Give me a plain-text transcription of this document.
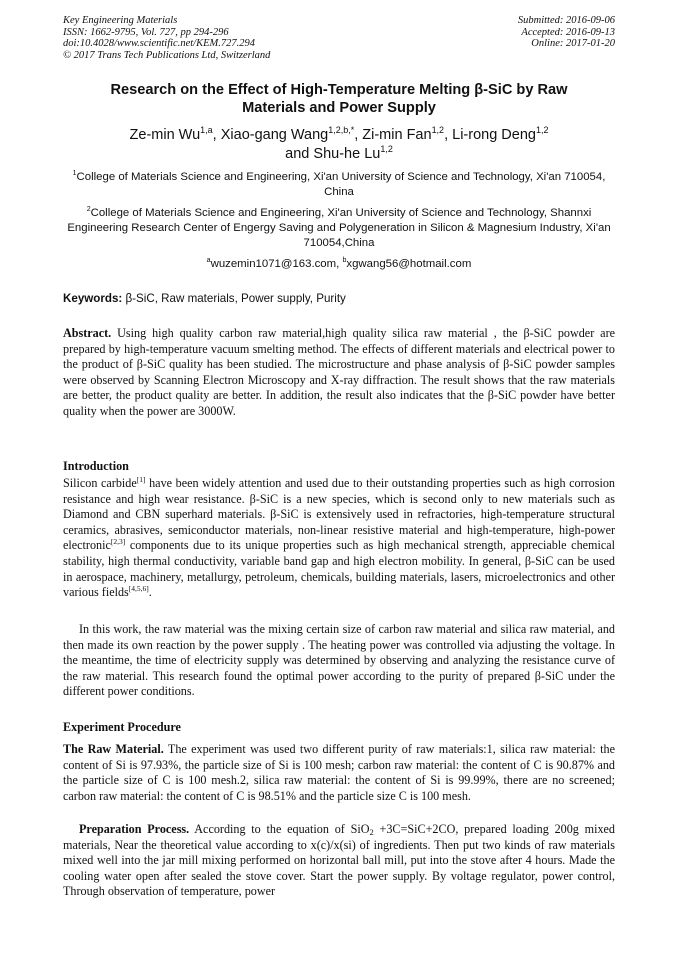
Key Engineering Materials
ISSN: 1662-9795, Vol. 727, pp 294-296
doi:10.4028/www.scientific.net/KEM.727.294
© 2017 Trans Tech Publications Ltd, Switzerland
Submitted: 2016-09-06
Accepted: 2016-09-13
Online: 2017-01-20
Research on the Effect of High-Temperature Melting β-SiC by Raw
Materials and Power Supply
Ze-min Wu$^{1,a}$, Xiao-gang Wang$^{1,2,b,*}$, Zi-min Fan$^{1,2}$, Li-rong Deng$^{1,2}$
and Shu-he Lu$^{1,2}$
$^1$College of Materials Science and Engineering, Xi'an University of Science and Technology, Xi'an 710054, China
$^2$College of Materials Science and Engineering, Xi'an University of Science and Technology, Shannxi Engineering Research Center of Engergy Saving and Polygeneration in Silicon & Magnesium Industry, Xi'an 710054,China
$^a$wuzemin1071@163.com, $^b$xgwang56@hotmail.com
Keywords: β-SiC, Raw materials, Power supply, Purity

Abstract. Using high quality carbon raw material,high quality silica raw material , the β-SiC powder are prepared by high-temperature vacuum smelting method. The effects of different materials and electrical power to the product of β-SiC quality has been studied. The microstructure and phase analysis of β-SiC powder samples were observed by Scanning Electron Microscopy and X-ray diffraction. The result shows that the raw materials are better, the product quality are better. In addition, the result also indicates that the β-SiC powder have better quality when the power are 3000W.

Introduction

Silicon carbide[1] have been widely attention and used due to their outstanding properties such as high corrosion resistance and high wear resistance. β-SiC is a new species, which is second only to new materials such as Diamond and CBN superhard materials. β-SiC is extensively used in refractories, high-temperature structural ceramics, abrasives, semiconductor materials, non-linear resistive material and high-temperature, high-power electronic[2,3] components due to its unique properties such as high mechanical strength, appreciable chemical stability, high thermal conductivity, variable band gap and high electron mobility. In general, β-SiC can be used in aerospace, machinery, metallurgy, petroleum, chemicals, building materials, lasers, microelectronics and other various fields[4,5,6].

In this work, the raw material was the mixing certain size of carbon raw material and silica raw material, and then made its own reaction by the power supply . The heating power was controlled via adjusting the voltage. In the meantime, the time of electricity supply was determined by observing and analyzing the resistance curve of the raw material. This research found the optimal power according to the purity of prepared β-SiC under the different power conditions.

Experiment Procedure

The Raw Material. The experiment was used two different purity of raw materials:1, silica raw material: the content of Si is 97.93%, the particle size of Si is 100 mesh; carbon raw material: the content of C is 90.87% and the particle size of C is 100 mesh.2, silica raw material: the content of Si is 99.99%, there are no screened; carbon raw material: the content of C is 98.51% and the particle size C is 100 mesh.

Preparation Process. According to the equation of SiO$_2$ +3C=SiC+2CO, prepared loading 200g mixed materials, Near the theoretical value according to x(c)/x(si) of ingredients. Then put two kinds of raw materials mixed well into the jar mill mixing performed on horizontal ball mill, put into the stove after 4 hours. Made the cooling water open after sealed the stove cover. Start the power supply. By voltage regulator, power control, Through observation of temperature, power
